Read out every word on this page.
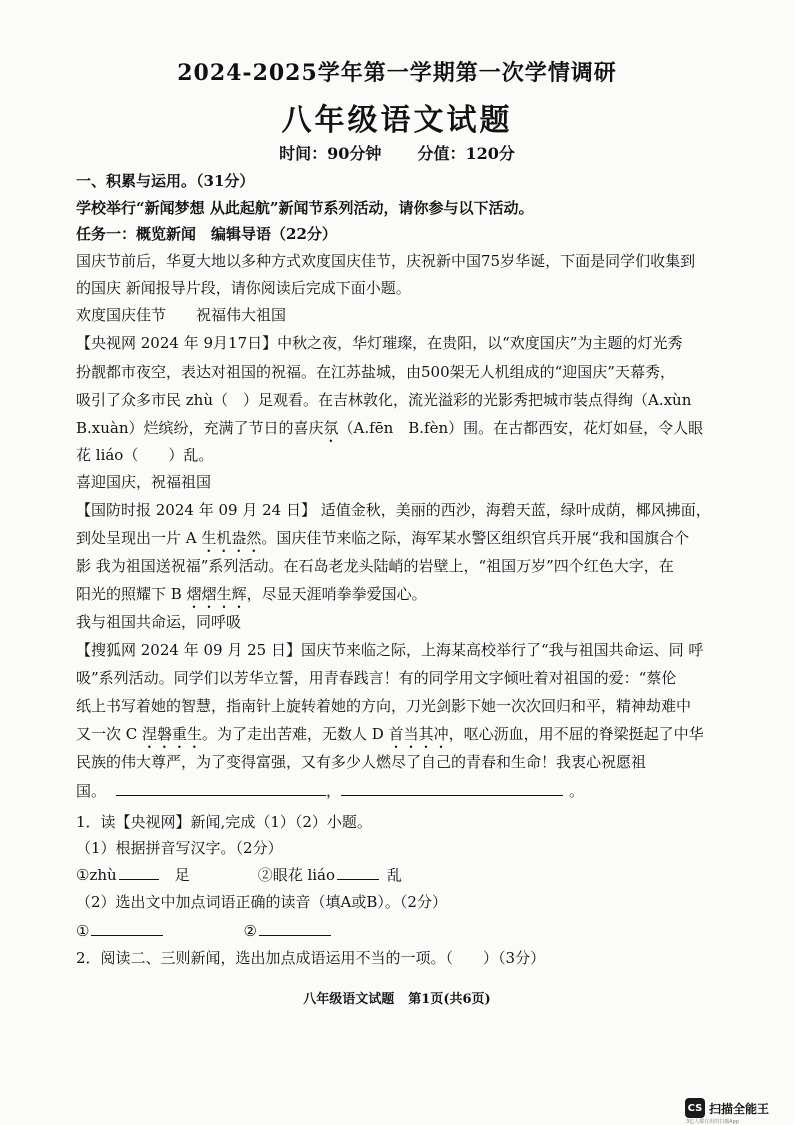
2024-2025学年第一学期第一次学情调研
八年级语文试题
时间：90分钟 分值：120分
一、积累与运用。（31分）
学校举行“新闻梦想 从此起航”新闻节系列活动，请你参与以下活动。
任务一：概览新闻　编辑导语（22分）
国庆节前后，华夏大地以多种方式欢度国庆佳节，庆祝新中国75岁华诞，下面是同学们收集到
的国庆 新闻报导片段，请你阅读后完成下面小题。
欢度国庆佳节　　祝福伟大祖国
【央视网 2024 年 9月17日】中秋之夜，华灯璀璨，在贵阳，以“欢度国庆”为主题的灯光秀
扮靓都市夜空，表达对祖国的祝福。在江苏盐城，由500架无人机组成的“迎国庆”天幕秀，
吸引了众多市民 zhù（　）足观看。在吉林敦化，流光溢彩的光影秀把城市装点得绚（A.xùn
B.xuàn）烂缤纷，充满了节日的喜庆氛（A.fēn　B.fèn）围。在古都西安，花灯如昼，令人眼
花 liáo（　　）乱。
喜迎国庆，祝福祖国
【国防时报 2024 年 09 月 24 日】 适值金秋，美丽的西沙，海碧天蓝，绿叶成荫，椰风拂面，
到处呈现出一片 A 生机盎然。国庆佳节来临之际，海军某水警区组织官兵开展“我和国旗合个
影 我为祖国送祝福”系列活动。在石岛老龙头陆峭的岩壁上，“祖国万岁”四个红色大字，在
阳光的照耀下 B 熠熠生辉，尽显天涯哨拳拳爱国心。
我与祖国共命运，同呼吸
【搜狐网 2024 年 09 月 25 日】国庆节来临之际，上海某高校举行了“我与祖国共命运、同 呼
吸”系列活动。同学们以芳华立誓，用青春践言！有的同学用文字倾吐着对祖国的爱：“蔡伦
纸上书写着她的智慧，指南针上旋转着她的方向，刀光剑影下她一次次回归和平，精神劫难中
又一次 C 涅磐重生。为了走出苦难，无数人 D 首当其冲，呕心沥血，用不屈的脊梁挺起了中华
民族的伟大尊严，为了变得富强，又有多少人燃尽了自己的青春和生命！我衷心祝愿祖
国。	，	。
1．读【央视网】新闻,完成（1）（2）小题。
（1）根据拼音写汉字。（2分）
①zhù	足	②眼花 liáo	乱
（2）选出文中加点词语正确的读音（填A或B）。（2分）
①	②
2．阅读二、三则新闻，选出加点成语运用不当的一项。（　　）（3分）
八年级语文试题 第1页(共6页)
CS 扫描全能王
3亿人都在用的扫描App
